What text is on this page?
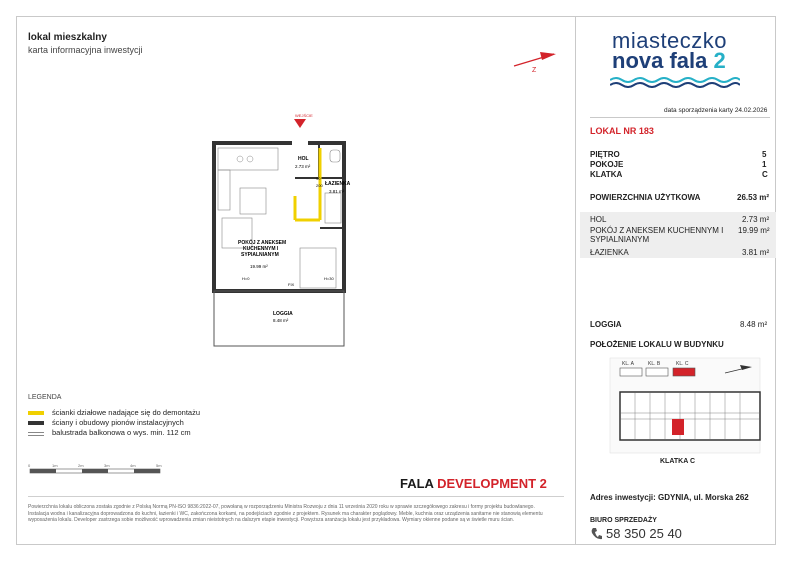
lokal mieszkalny
karta informacyjna inwestycji
Z
miasteczko
nova fala 2
data sporządzenia karty 24.02.2026
LOKAL NR 183
PIĘTRO	5
POKOJE	1
KLATKA	C
POWIERZCHNIA UŻYTKOWA	26.53 m²
HOL	2.73 m²
POKÓJ Z ANEKSEM KUCHENNYM I SYPIALNIANYM
19.99 m²
ŁAZIENKA	3.81 m²
LOGGIA	8.48 m²
POŁOŻENIE LOKALU W BUDYNKU
KL. A	KL. B	KL. C
KLATKA C
Adres inwestycji: GDYNIA, ul. Morska 262
BIURO SPRZEDAŻY
58 350 25 40
WEJŚCIE
HOL
2.73 m²
ŁAZIENKA
3.81 m²
POKÓJ Z ANEKSEM
KUCHENNYM I
SYPIALNIANYM
19.99 m²
LOGGIA
8.48 m²
FIX
H=0	H=30
90
200
LEGENDA
ścianki działowe nadające się do demontażu
ściany i obudowy pionów instalacyjnych
balustrada balkonowa o wys. min. 112 cm
0	1m	2m	3m	4m	5m
FALA DEVELOPMENT 2
Powierzchnia lokalu obliczona została zgodnie z Polską Normą PN-ISO 9836:2022-07, powołaną w rozporządzeniu Ministra Rozwoju z dnia 11 września 2020 roku w sprawie szczegółowego zakresu i formy projektu budowlanego. Instalacja wodna i kanalizacyjna doprowadzona do kuchni, łazienki i WC, zakończona korkami, na podejściach zgodnie z projektem. Rysunek ma charakter poglądowy. Meble, kuchnia oraz urządzenia sanitarne nie stanowią elementu wyposażenia lokalu. Developer zastrzega sobie możliwość wprowadzenia zmian nieistotnych na dalszym etapie inwestycji. Powyższa aranżacja lokalu jest przykładowa. Wymiary okienne podane są w świetle muru ścian.
